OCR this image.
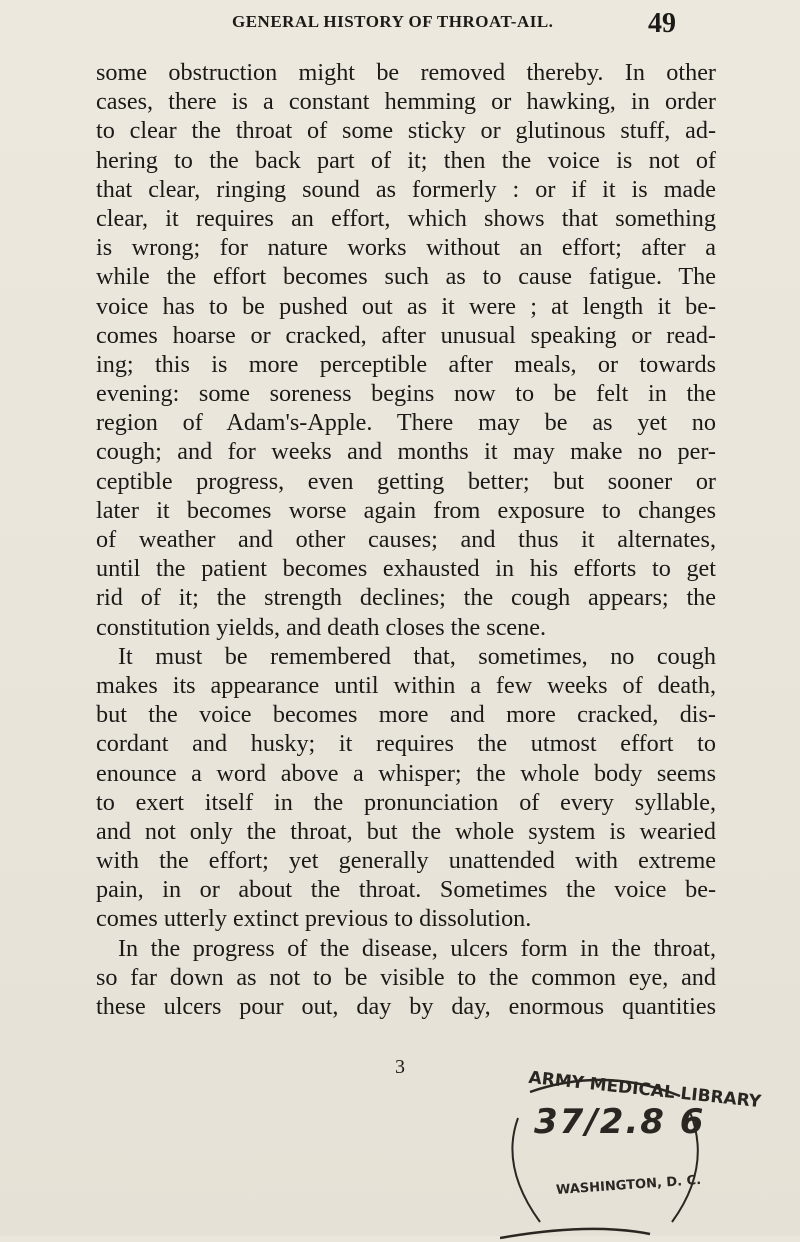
GENERAL HISTORY OF THROAT-AIL.	49
some obstruction might be removed thereby. In other
cases, there is a constant hemming or hawking, in order
to clear the throat of some sticky or glutinous stuff, ad-
hering to the back part of it; then the voice is not of
that clear, ringing sound as formerly : or if it is made
clear, it requires an effort, which shows that something
is wrong; for nature works without an effort; after a
while the effort becomes such as to cause fatigue. The
voice has to be pushed out as it were ; at length it be-
comes hoarse or cracked, after unusual speaking or read-
ing; this is more perceptible after meals, or towards
evening: some soreness begins now to be felt in the
region of Adam's-Apple. There may be as yet no
cough; and for weeks and months it may make no per-
ceptible progress, even getting better; but sooner or
later it becomes worse again from exposure to changes
of weather and other causes; and thus it alternates,
until the patient becomes exhausted in his efforts to get
rid of it; the strength declines; the cough appears; the
constitution yields, and death closes the scene.
It must be remembered that, sometimes, no cough
makes its appearance until within a few weeks of death,
but the voice becomes more and more cracked, dis-
cordant and husky; it requires the utmost effort to
enounce a word above a whisper; the whole body seems
to exert itself in the pronunciation of every syllable,
and not only the throat, but the whole system is wearied
with the effort; yet generally unattended with extreme
pain, in or about the throat. Sometimes the voice be-
comes utterly extinct previous to dissolution.
In the progress of the disease, ulcers form in the throat,
so far down as not to be visible to the common eye, and
these ulcers pour out, day by day, enormous quantities
3
ARMY MEDICAL LIBRARY
37/2.8 6
WASHINGTON, D. C.
